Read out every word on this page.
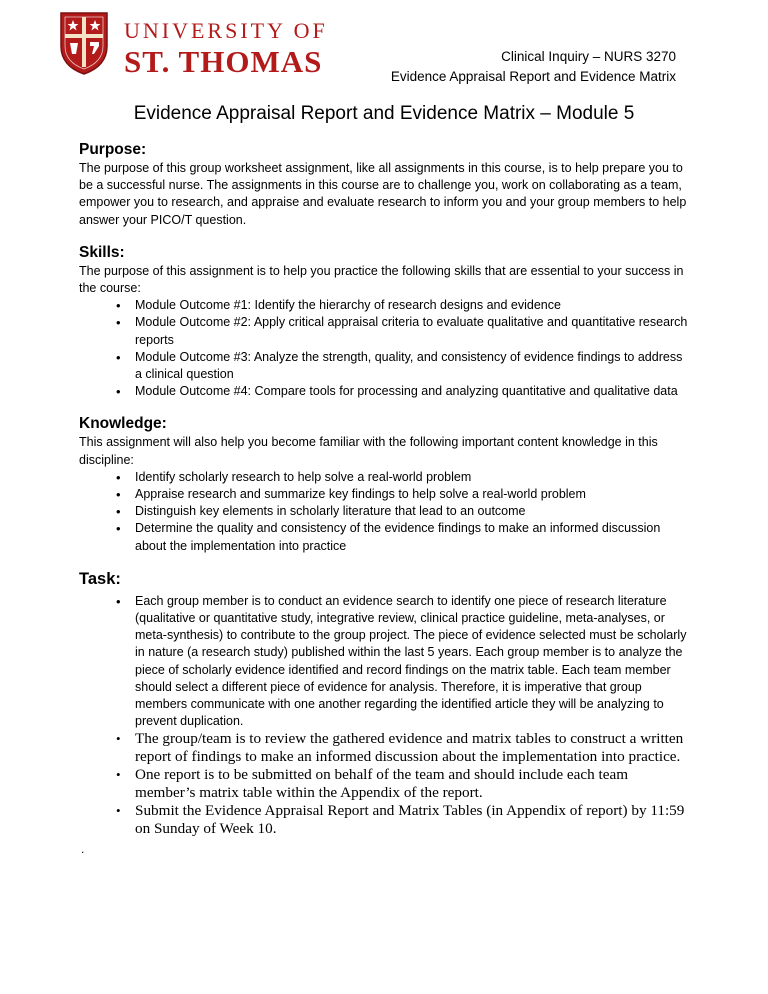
UNIVERSITY OF
ST. THOMAS	Clinical Inquiry – NURS 3270
Evidence Appraisal Report and Evidence Matrix
Evidence Appraisal Report and Evidence Matrix – Module 5
Purpose:

The purpose of this group worksheet assignment, like all assignments in this course, is to help prepare you to be a successful nurse. The assignments in this course are to challenge you, work on collaborating as a team, empower you to research, and appraise and evaluate research to inform you and your group members to help answer your PICO/T question.

Skills:

The purpose of this assignment is to help you practice the following skills that are essential to your success in the course:

• Module Outcome #1: Identify the hierarchy of research designs and evidence
• Module Outcome #2: Apply critical appraisal criteria to evaluate qualitative and quantitative research reports
• Module Outcome #3: Analyze the strength, quality, and consistency of evidence findings to address a clinical question
• Module Outcome #4: Compare tools for processing and analyzing quantitative and qualitative data
Knowledge:

This assignment will also help you become familiar with the following important content knowledge in this discipline:

• Identify scholarly research to help solve a real-world problem
• Appraise research and summarize key findings to help solve a real-world problem
• Distinguish key elements in scholarly literature that lead to an outcome
• Determine the quality and consistency of the evidence findings to make an informed discussion about the implementation into practice
Task:
• Each group member is to conduct an evidence search to identify one piece of research literature (qualitative or quantitative study, integrative review, clinical practice guideline, meta-analyses, or meta-synthesis) to contribute to the group project. The piece of evidence selected must be scholarly in nature (a research study) published within the last 5 years. Each group member is to analyze the piece of scholarly evidence identified and record findings on the matrix table. Each team member should select a different piece of evidence for analysis. Therefore, it is imperative that group members communicate with one another regarding the identified article they will be analyzing to prevent duplication.
• The group/team is to review the gathered evidence and matrix tables to construct a written report of findings to make an informed discussion about the implementation into practice.
• One report is to be submitted on behalf of the team and should include each team member’s matrix table within the Appendix of the report.
• Submit the Evidence Appraisal Report and Matrix Tables (in Appendix of report) by 11:59 on Sunday of Week 10.
.
